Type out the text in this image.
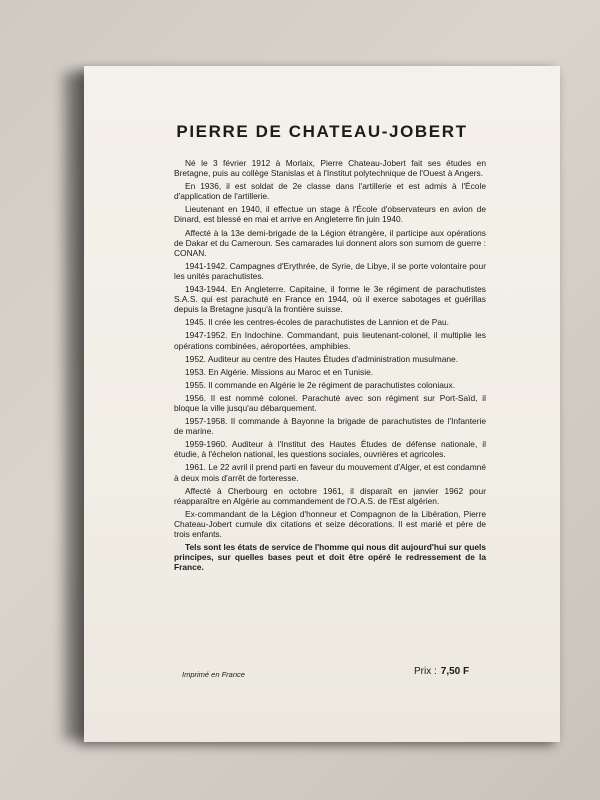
PIERRE DE CHATEAU-JOBERT

Né le 3 février 1912 à Morlaix, Pierre Chateau-Jobert fait ses études en Bretagne, puis au collège Stanislas et à l'Institut polytechnique de l'Ouest à Angers.

En 1936, il est soldat de 2e classe dans l'artillerie et est admis à l'École d'application de l'artillerie.

Lieutenant en 1940, il effectue un stage à l'École d'observateurs en avion de Dinard, est blessé en mai et arrive en Angleterre fin juin 1940.

Affecté à la 13e demi-brigade de la Légion étrangère, il participe aux opérations de Dakar et du Cameroun. Ses camarades lui donnent alors son surnom de guerre : CONAN.

1941-1942. Campagnes d'Erythrée, de Syrie, de Libye, il se porte volontaire pour les unités parachutistes.

1943-1944. En Angleterre. Capitaine, il forme le 3e régiment de parachutistes S.A.S. qui est parachuté en France en 1944, où il exerce sabotages et guérillas depuis la Bretagne jusqu'à la frontière suisse.

1945. Il crée les centres-écoles de parachutistes de Lannion et de Pau.

1947-1952. En Indochine. Commandant, puis lieutenant-colonel, il multiplie les opérations combinées, aéroportées, amphibies.

1952. Auditeur au centre des Hautes Études d'administration musulmane.

1953. En Algérie. Missions au Maroc et en Tunisie.

1955. Il commande en Algérie le 2e régiment de parachutistes coloniaux.

1956. Il est nommé colonel. Parachuté avec son régiment sur Port-Saïd, il bloque la ville jusqu'au débarquement.

1957-1958. Il commande à Bayonne la brigade de parachutistes de l'Infanterie de marine.

1959-1960. Auditeur à l'Institut des Hautes Études de défense nationale, il étudie, à l'échelon national, les questions sociales, ouvrières et agricoles.

1961. Le 22 avril il prend parti en faveur du mouvement d'Alger, et est condamné à deux mois d'arrêt de forteresse.

Affecté à Cherbourg en octobre 1961, il disparaît en janvier 1962 pour réapparaître en Algérie au commandement de l'O.A.S. de l'Est algérien.

Ex-commandant de la Légion d'honneur et Compagnon de la Libération, Pierre Chateau-Jobert cumule dix citations et seize décorations. Il est marié et père de trois enfants.

Tels sont les états de service de l'homme qui nous dit aujourd'hui sur quels principes, sur quelles bases peut et doit être opéré le redressement de la France.

Imprimé en France	Prix : 7,50 F
